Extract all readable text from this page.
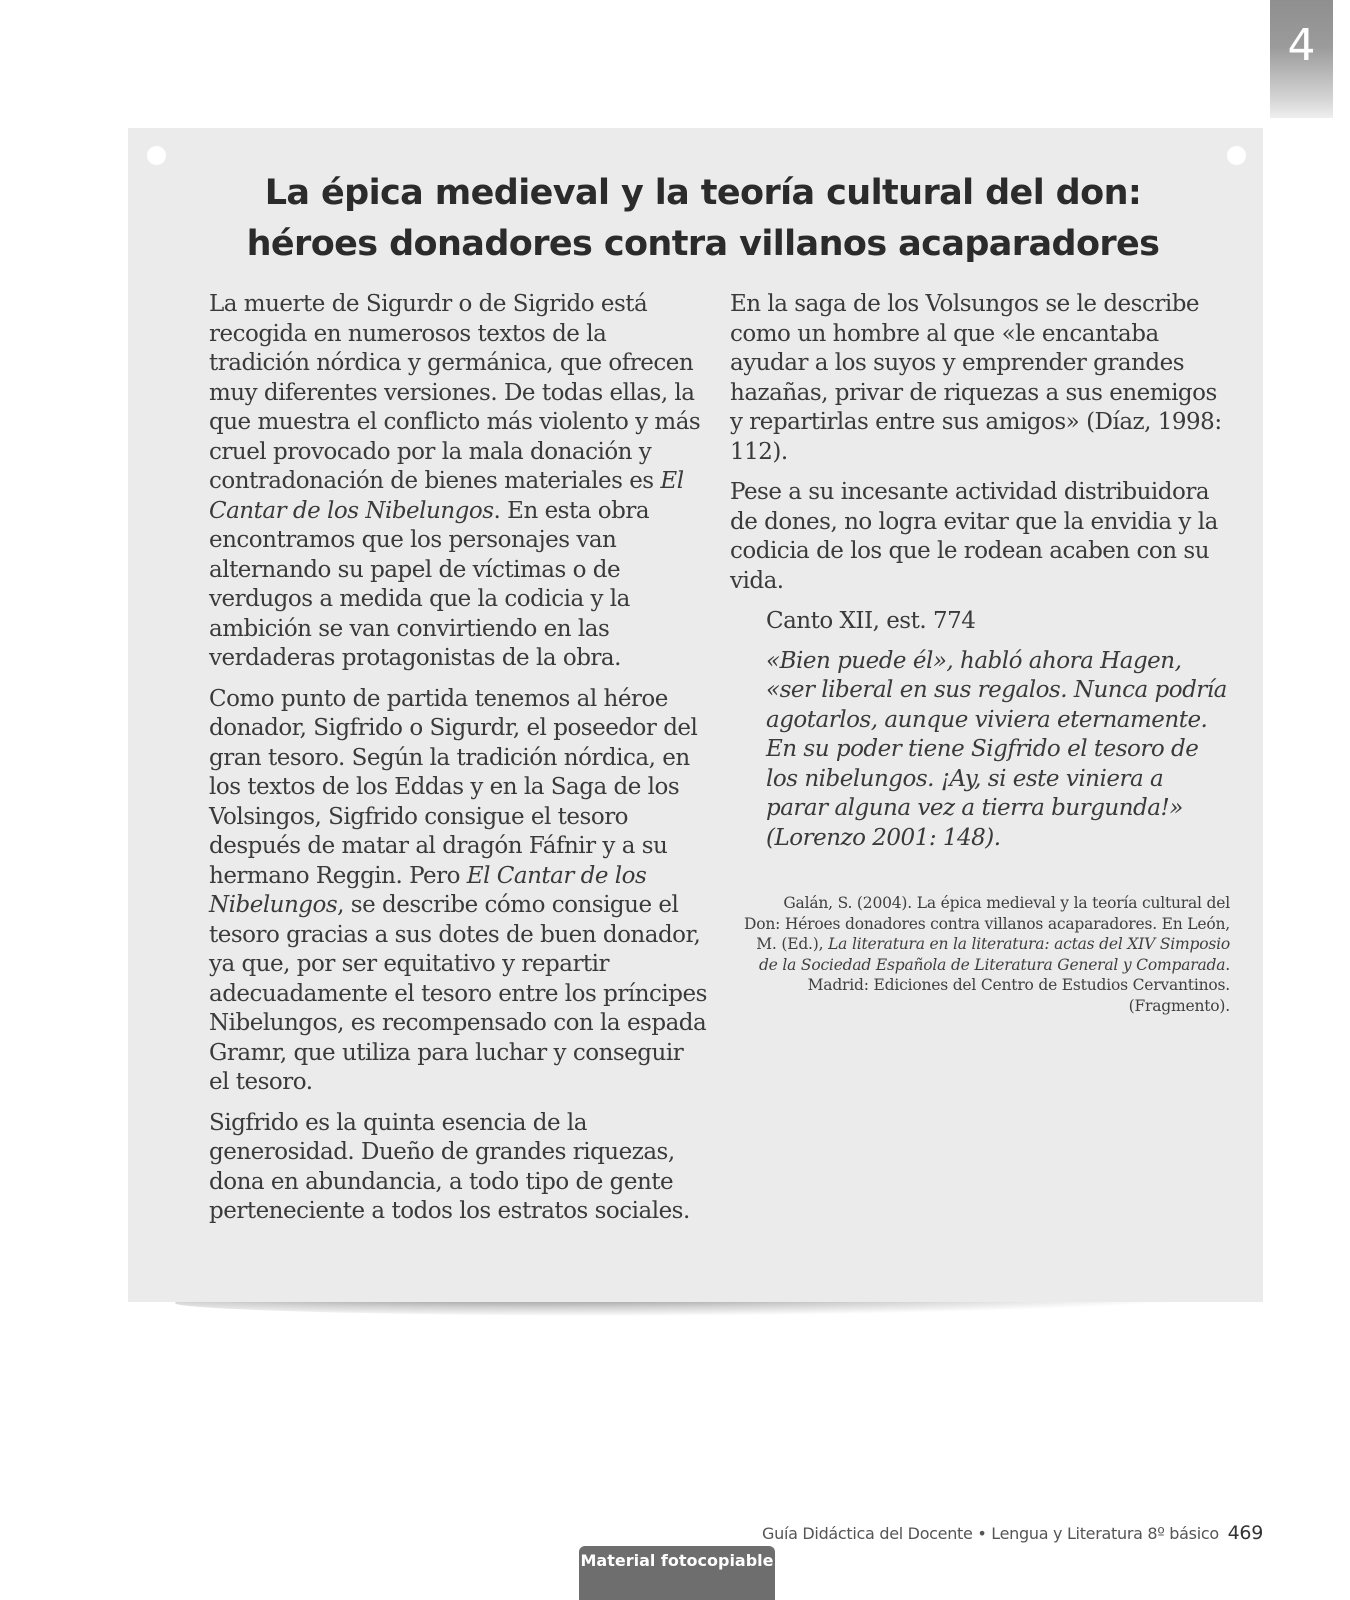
4
La épica medieval y la teoría cultural del don: héroes donadores contra villanos acaparadores

La muerte de Sigurdr o de Sigrido está recogida en numerosos textos de la tradición nórdica y germánica, que ofrecen muy diferentes versiones. De todas ellas, la que muestra el conflicto más violento y más cruel provocado por la mala donación y contradonación de bienes materiales es El Cantar de los Nibelungos. En esta obra encontramos que los personajes van alternando su papel de víctimas o de verdugos a medida que la codicia y la ambición se van convirtiendo en las verdaderas protagonistas de la obra.

Como punto de partida tenemos al héroe donador, Sigfrido o Sigurdr, el poseedor del gran tesoro. Según la tradición nórdica, en los textos de los Eddas y en la Saga de los Volsingos, Sigfrido consigue el tesoro después de matar al dragón Fáfnir y a su hermano Reggin. Pero El Cantar de los Nibelungos, se describe cómo consigue el tesoro gracias a sus dotes de buen donador, ya que, por ser equitativo y repartir adecuadamente el tesoro entre los príncipes Nibelungos, es recompensado con la espada Gramr, que utiliza para luchar y conseguir el tesoro.

Sigfrido es la quinta esencia de la generosidad. Dueño de grandes riquezas, dona en abundancia, a todo tipo de gente perteneciente a todos los estratos sociales.

En la saga de los Volsungos se le describe como un hombre al que «le encantaba ayudar a los suyos y emprender grandes hazañas, privar de riquezas a sus enemigos y repartirlas entre sus amigos» (Díaz, 1998: 112).

Pese a su incesante actividad distribuidora de dones, no logra evitar que la envidia y la codicia de los que le rodean acaben con su vida.

Canto XII, est. 774
«Bien puede él», habló ahora Hagen, «ser liberal en sus regalos. Nunca podría agotarlos, aunque viviera eternamente. En su poder tiene Sigfrido el tesoro de los nibelungos. ¡Ay, si este viniera a parar alguna vez a tierra burgunda!» (Lorenzo 2001: 148).
Galán, S. (2004). La épica medieval y la teoría cultural del Don: Héroes donadores contra villanos acaparadores. En León, M. (Ed.), La literatura en la literatura: actas del XIV Simposio de la Sociedad Española de Literatura General y Comparada. Madrid: Ediciones del Centro de Estudios Cervantinos. (Fragmento).
Guía Didáctica del Docente • Lengua y Literatura 8º básico 469
Material fotocopiable
